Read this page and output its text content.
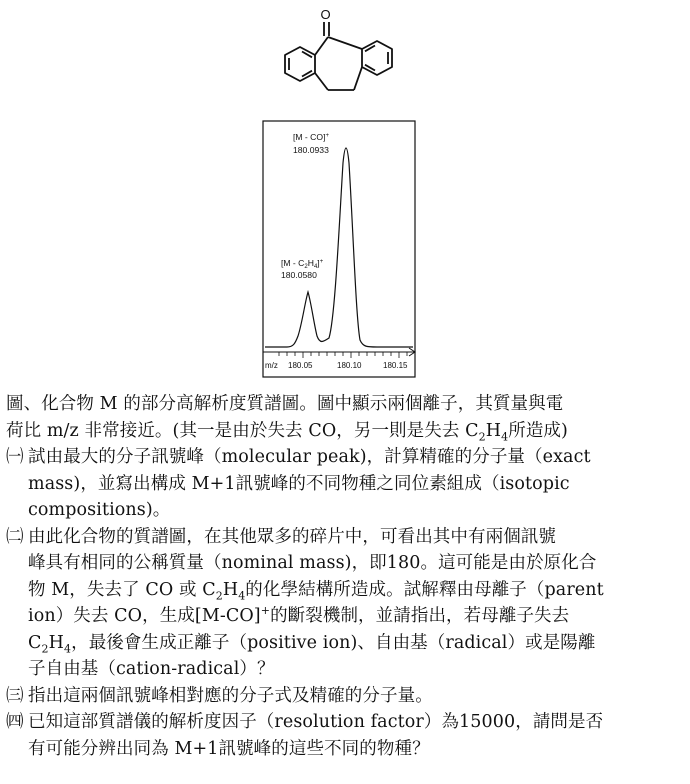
O
[M - CO]+
180.0933
$[M - C_2H_4]^+$
180.0580
m/z 180.05	180.10	180.15

圖、化合物 M 的部分高解析度質譜圖。圖中顯示兩個離子，其質量與電
荷比 m/z 非常接近。(其一是由於失去 CO，另一則是失去 $C_2H_4$所造成)

㈠ 試由最大的分子訊號峰（molecular peak)，計算精確的分子量（exact
mass)，並寫出構成 M+1訊號峰的不同物種之同位素組成（isotopic
compositions)。
㈡ 由此化合物的質譜圖，在其他眾多的碎片中，可看出其中有兩個訊號
峰具有相同的公稱質量（nominal mass)，即180。這可能是由於原化合
物 M，失去了 CO 或 $C_2H_4$的化學結構所造成。試解釋由母離子（parent
ion）失去 CO，生成[M-CO]+的斷裂機制，並請指出，若母離子失去
$C_2H_4$，最後會生成正離子（positive ion)、自由基（radical）或是陽離
子自由基（cation-radical）？
㈢ 指出這兩個訊號峰相對應的分子式及精確的分子量。
㈣ 已知這部質譜儀的解析度因子（resolution factor）為15000，請問是否
有可能分辨出同為 M+1訊號峰的這些不同的物種？
